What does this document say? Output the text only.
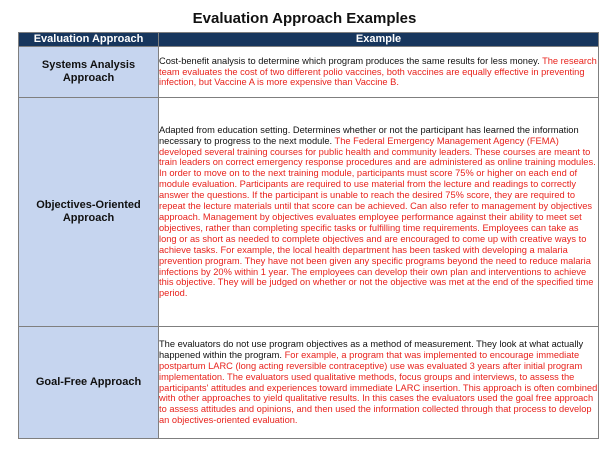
Evaluation Approach Examples
Evaluation Approach	Example
Systems Analysis
Approach	Cost-benefit analysis to determine which program produces the same results for less money. The research team evaluates the cost of two different polio vaccines, both vaccines are equally effective in preventing infection, but Vaccine A is more expensive than Vaccine B.
Objectives-Oriented
Approach	Adapted from education setting. Determines whether or not the participant has learned the information necessary to progress to the next module. The Federal Emergency Management Agency (FEMA) developed several training courses for public health and community leaders. These courses are meant to train leaders on correct emergency response procedures and are administered as online training modules. In order to move on to the next training module, participants must score 75% or higher on each end of module evaluation. Participants are required to use material from the lecture and readings to correctly answer the questions. If the participant is unable to reach the desired 75% score, they are required to repeat the lecture materials until that score can be achieved. Can also refer to management by objectives approach. Management by objectives evaluates employee performance against their ability to meet set objectives, rather than completing specific tasks or fulfilling time requirements. Employees can take as long or as short as needed to complete objectives and are encouraged to come up with creative ways to achieve tasks. For example, the local health department has been tasked with developing a malaria prevention program. They have not been given any specific programs beyond the need to reduce malaria infections by 20% within 1 year. The employees can develop their own plan and interventions to achieve this objective. They will be judged on whether or not the objective was met at the end of the specified time period.
Goal-Free Approach	The evaluators do not use program objectives as a method of measurement. They look at what actually happened within the program. For example, a program that was implemented to encourage immediate postpartum LARC (long acting reversible contraceptive) use was evaluated 3 years after initial program implementation. The evaluators used qualitative methods, focus groups and interviews, to assess the participants' attitudes and experiences toward immediate LARC insertion. This approach is often combined with other approaches to yield qualitative results. In this cases the evaluators used the goal free approach to assess attitudes and opinions, and then used the information collected through that process to develop an objectives-oriented evaluation.
